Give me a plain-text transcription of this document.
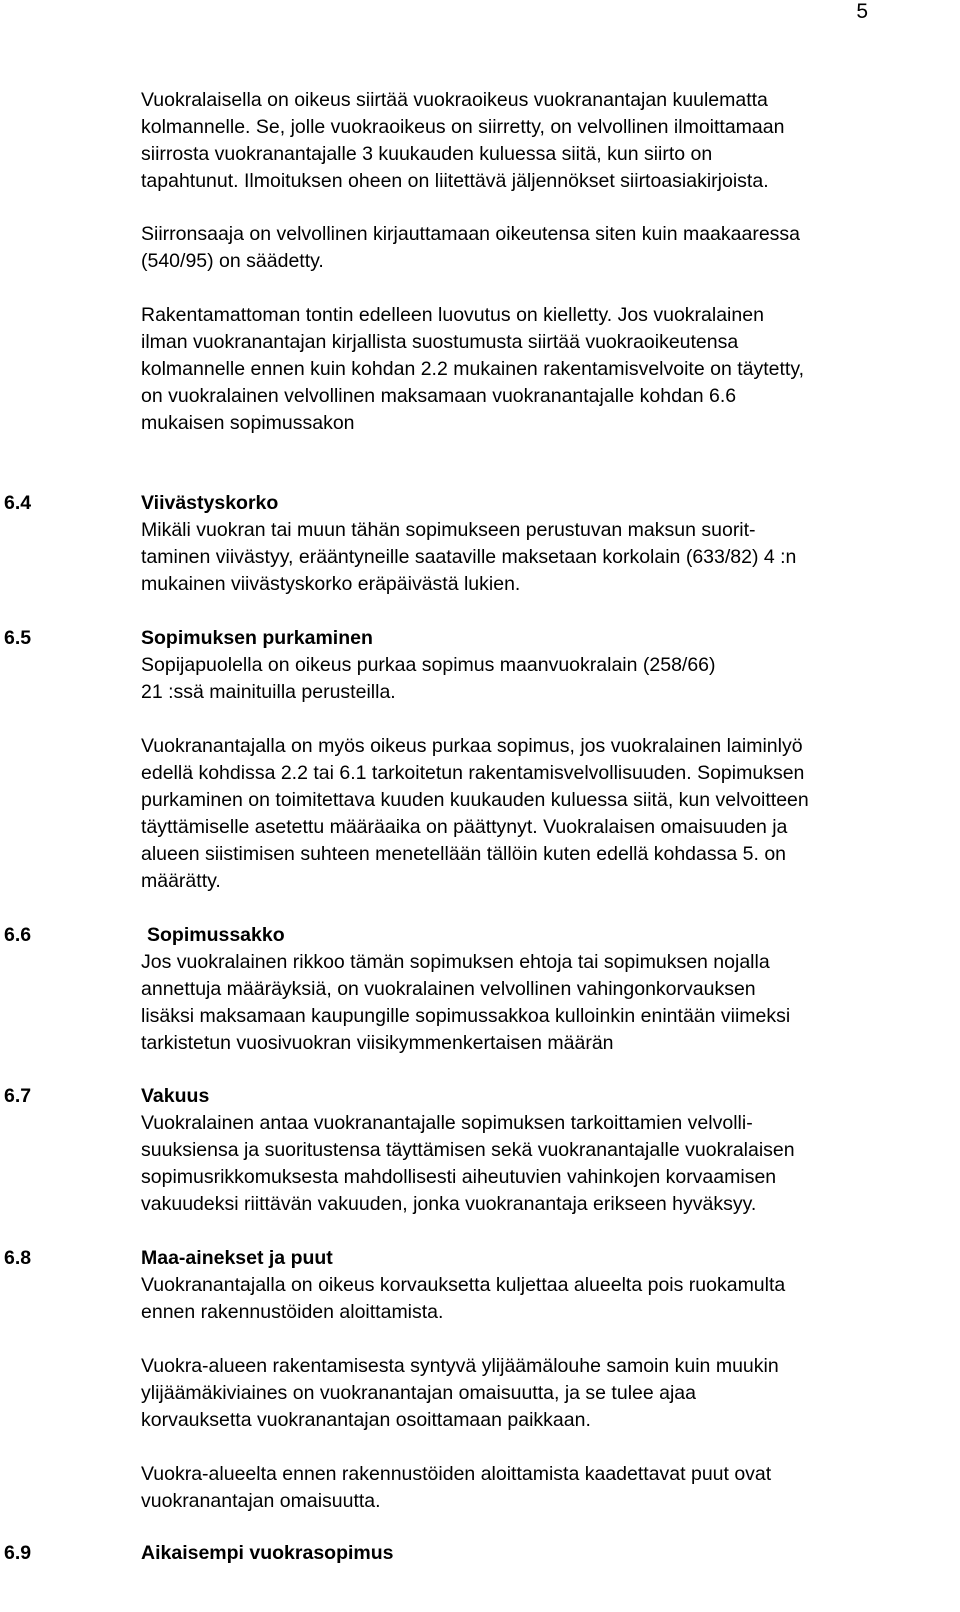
5
Vuokralaisella on oikeus siirtää vuokraoikeus vuokranantajan kuulematta
kolmannelle. Se, jolle vuokraoikeus on siirretty, on velvollinen ilmoittamaan
siirrosta vuokranantajalle 3 kuukauden kuluessa siitä, kun siirto on
tapahtunut. Ilmoituksen oheen on liitettävä jäljennökset siirtoasiakirjoista.
Siirronsaaja on velvollinen kirjauttamaan oikeutensa siten kuin maakaaressa
(540/95) on säädetty.
Rakentamattoman tontin edelleen luovutus on kielletty. Jos vuokralainen
ilman vuokranantajan kirjallista suostumusta siirtää vuokraoikeutensa
kolmannelle ennen kuin kohdan 2.2 mukainen rakentamisvelvoite on täytetty,
on vuokralainen velvollinen maksamaan vuokranantajalle kohdan 6.6
mukaisen sopimussakon
6.4	Viivästyskorko
Mikäli vuokran tai muun tähän sopimukseen perustuvan maksun suorit-
taminen viivästyy, erääntyneille saataville maksetaan korkolain (633/82) 4 :n
mukainen viivästyskorko eräpäivästä lukien.
6.5	Sopimuksen purkaminen
Sopijapuolella on oikeus purkaa sopimus maanvuokralain (258/66)
21 :ssä mainituilla perusteilla.
Vuokranantajalla on myös oikeus purkaa sopimus, jos vuokralainen laiminlyö
edellä kohdissa 2.2 tai 6.1 tarkoitetun rakentamisvelvollisuuden. Sopimuksen
purkaminen on toimitettava kuuden kuukauden kuluessa siitä, kun velvoitteen
täyttämiselle asetettu määräaika on päättynyt. Vuokralaisen omaisuuden ja
alueen siistimisen suhteen menetellään tällöin kuten edellä kohdassa 5. on
määrätty.
6.6	Sopimussakko
Jos vuokralainen rikkoo tämän sopimuksen ehtoja tai sopimuksen nojalla
annettuja määräyksiä, on vuokralainen velvollinen vahingonkorvauksen
lisäksi maksamaan kaupungille sopimussakkoa kulloinkin enintään viimeksi
tarkistetun vuosivuokran viisikymmenkertaisen määrän
6.7	Vakuus
Vuokralainen antaa vuokranantajalle sopimuksen tarkoittamien velvolli-
suuksiensa ja suoritustensa täyttämisen sekä vuokranantajalle vuokralaisen
sopimusrikkomuksesta mahdollisesti aiheutuvien vahinkojen korvaamisen
vakuudeksi riittävän vakuuden, jonka vuokranantaja erikseen hyväksyy.
6.8	Maa-ainekset ja puut
Vuokranantajalla on oikeus korvauksetta kuljettaa alueelta pois ruokamulta
ennen rakennustöiden aloittamista.
Vuokra-alueen rakentamisesta syntyvä ylijäämälouhe samoin kuin muukin
ylijäämäkiviaines on vuokranantajan omaisuutta, ja se tulee ajaa
korvauksetta vuokranantajan osoittamaan paikkaan.
Vuokra-alueelta ennen rakennustöiden aloittamista kaadettavat puut ovat
vuokranantajan omaisuutta.
6.9	Aikaisempi vuokrasopimus
